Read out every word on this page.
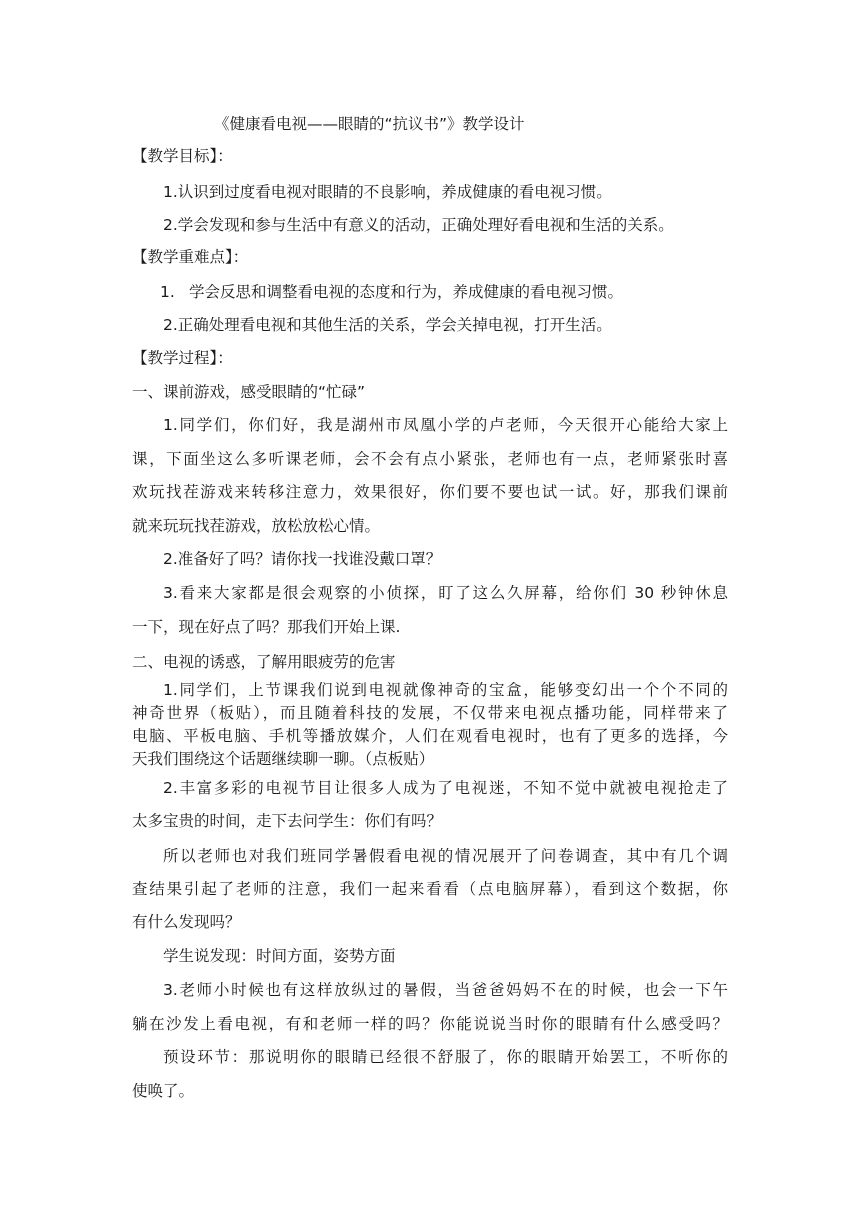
《健康看电视——眼睛的“抗议书”》教学设计
【教学目标】：
1.认识到过度看电视对眼睛的不良影响，养成健康的看电视习惯。
2.学会发现和参与生活中有意义的活动，正确处理好看电视和生活的关系。
【教学重难点】：
1. 学会反思和调整看电视的态度和行为，养成健康的看电视习惯。
2.正确处理看电视和其他生活的关系，学会关掉电视，打开生活。
【教学过程】：
一、课前游戏，感受眼睛的“忙碌”
1.同学们，你们好，我是湖州市凤凰小学的卢老师，今天很开心能给大家上
课，下面坐这么多听课老师，会不会有点小紧张，老师也有一点，老师紧张时喜
欢玩找茬游戏来转移注意力，效果很好，你们要不要也试一试。好，那我们课前
就来玩玩找茬游戏，放松放松心情。
2.准备好了吗？请你找一找谁没戴口罩？
3.看来大家都是很会观察的小侦探，盯了这么久屏幕，给你们 30 秒钟休息
一下，现在好点了吗？那我们开始上课.
二、电视的诱惑，了解用眼疲劳的危害
1.同学们，上节课我们说到电视就像神奇的宝盒，能够变幻出一个个不同的
神奇世界（板贴），而且随着科技的发展，不仅带来电视点播功能，同样带来了
电脑、平板电脑、手机等播放媒介，人们在观看电视时，也有了更多的选择，今
天我们围绕这个话题继续聊一聊。（点板贴）
2.丰富多彩的电视节目让很多人成为了电视迷，不知不觉中就被电视抢走了
太多宝贵的时间，走下去问学生：你们有吗？
所以老师也对我们班同学暑假看电视的情况展开了问卷调查，其中有几个调
查结果引起了老师的注意，我们一起来看看（点电脑屏幕），看到这个数据，你
有什么发现吗？
学生说发现：时间方面，姿势方面
3.老师小时候也有这样放纵过的暑假，当爸爸妈妈不在的时候，也会一下午
躺在沙发上看电视，有和老师一样的吗？你能说说当时你的眼睛有什么感受吗？
预设环节：那说明你的眼睛已经很不舒服了，你的眼睛开始罢工，不听你的
使唤了。
